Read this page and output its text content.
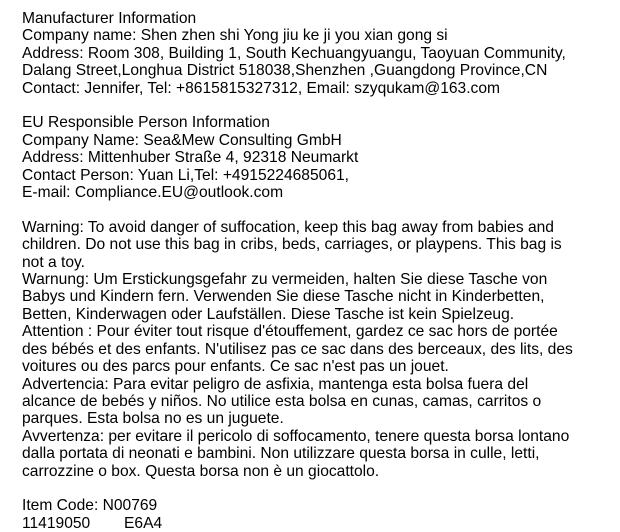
Manufacturer Information
Company name: Shen zhen shi Yong jiu ke ji you xian gong si
Address: Room 308, Building 1, South Kechuangyuangu, Taoyuan Community,
Dalang Street,Longhua District 518038,Shenzhen ,Guangdong Province,CN
Contact: Jennifer, Tel: +8615815327312, Email: szyqukam@163.com
EU Responsible Person Information
Company Name: Sea&Mew Consulting GmbH
Address: Mittenhuber Straße 4, 92318 Neumarkt
Contact Person: Yuan Li,Tel: +4915224685061,
E-mail: Compliance.EU@outlook.com
Warning: To avoid danger of suffocation, keep this bag away from babies and
children. Do not use this bag in cribs, beds, carriages, or playpens. This bag is
not a toy.
Warnung: Um Erstickungsgefahr zu vermeiden, halten Sie diese Tasche von
Babys und Kindern fern. Verwenden Sie diese Tasche nicht in Kinderbetten,
Betten, Kinderwagen oder Laufställen. Diese Tasche ist kein Spielzeug.
Attention : Pour éviter tout risque d'étouffement, gardez ce sac hors de portée
des bébés et des enfants. N'utilisez pas ce sac dans des berceaux, des lits, des
voitures ou des parcs pour enfants. Ce sac n'est pas un jouet.
Advertencia: Para evitar peligro de asfixia, mantenga esta bolsa fuera del
alcance de bebés y niños. No utilice esta bolsa en cunas, camas, carritos o
parques. Esta bolsa no es un juguete.
Avvertenza: per evitare il pericolo di soffocamento, tenere questa borsa lontano
dalla portata di neonati e bambini. Non utilizzare questa borsa in culle, letti,
carrozzine o box. Questa borsa non è un giocattolo.
Item Code: N00769
11419050 E6A4
